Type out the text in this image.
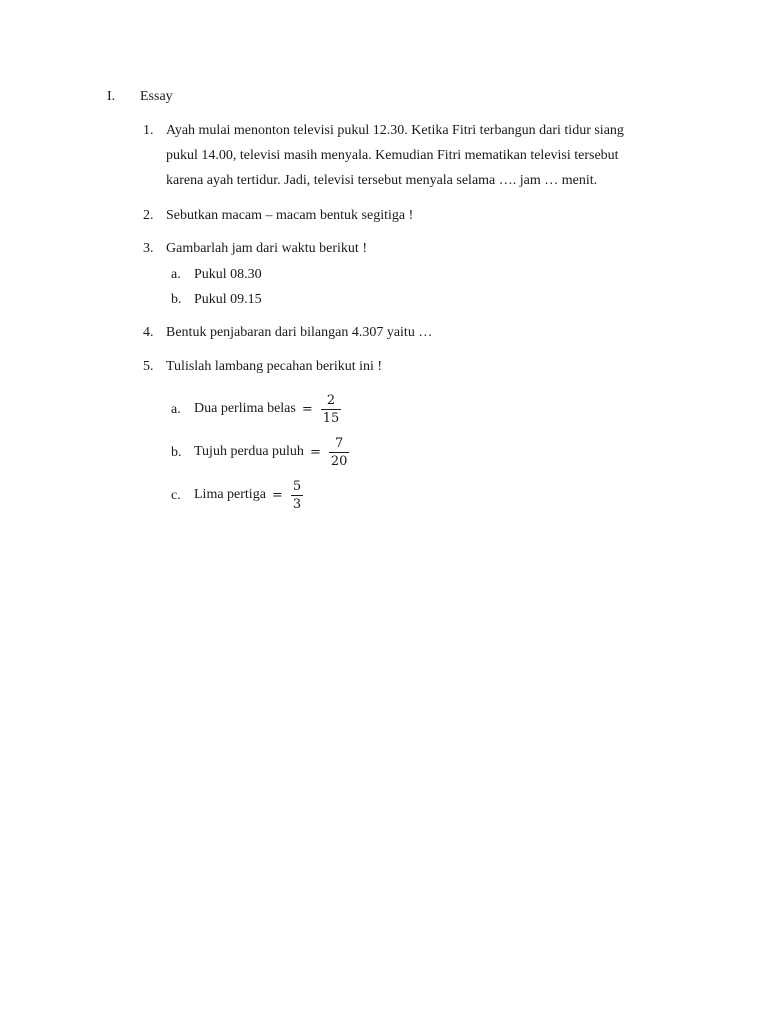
I. Essay
1. Ayah mulai menonton televisi pukul 12.30. Ketika Fitri terbangun dari tidur siang
pukul 14.00, televisi masih menyala. Kemudian Fitri mematikan televisi tersebut
karena ayah tertidur. Jadi, televisi tersebut menyala selama …. jam … menit.
2. Sebutkan macam – macam bentuk segitiga !
3. Gambarlah jam dari waktu berikut !
a. Pukul 08.30
b. Pukul 09.15
4. Bentuk penjabaran dari bilangan 4.307 yaitu …
5. Tulislah lambang pecahan berikut ini !
a. Dua perlima belas = $\frac{2}{15}$
b. Tujuh perdua puluh = $\frac{7}{20}$
c. Lima pertiga = $\frac{5}{3}$
